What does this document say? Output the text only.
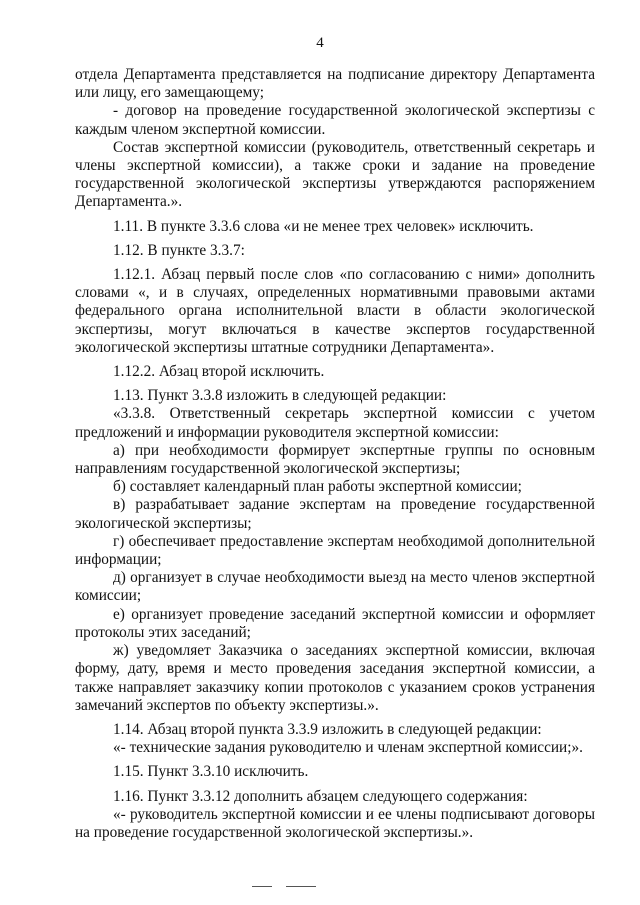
4

отдела Департамента представляется на подписание директору Департамента или лицу, его замещающему;

- договор на проведение государственной экологической экспертизы с каждым членом экспертной комиссии.

Состав экспертной комиссии (руководитель, ответственный секретарь и члены экспертной комиссии), а также сроки и задание на проведение государственной экологической экспертизы утверждаются распоряжением Департамента.».

1.11. В пункте 3.3.6 слова «и не менее трех человек» исключить.

1.12. В пункте 3.3.7:

1.12.1. Абзац первый после слов «по согласованию с ними» дополнить словами «, и в случаях, определенных нормативными правовыми актами федерального органа исполнительной власти в области экологической экспертизы, могут включаться в качестве экспертов государственной экологической экспертизы штатные сотрудники Департамента».

1.12.2. Абзац второй исключить.

1.13. Пункт 3.3.8 изложить в следующей редакции:

«3.3.8. Ответственный секретарь экспертной комиссии с учетом предложений и информации руководителя экспертной комиссии:

а) при необходимости формирует экспертные группы по основным направлениям государственной экологической экспертизы;

б) составляет календарный план работы экспертной комиссии;

в) разрабатывает задание экспертам на проведение государственной экологической экспертизы;

г) обеспечивает предоставление экспертам необходимой дополнительной информации;

д) организует в случае необходимости выезд на место членов экспертной комиссии;

е) организует проведение заседаний экспертной комиссии и оформляет протоколы этих заседаний;

ж) уведомляет Заказчика о заседаниях экспертной комиссии, включая форму, дату, время и место проведения заседания экспертной комиссии, а также направляет заказчику копии протоколов с указанием сроков устранения замечаний экспертов по объекту экспертизы.».

1.14. Абзац второй пункта 3.3.9 изложить в следующей редакции:

«- технические задания руководителю и членам экспертной комиссии;».

1.15. Пункт 3.3.10 исключить.

1.16. Пункт 3.3.12 дополнить абзацем следующего содержания:

«- руководитель экспертной комиссии и ее члены подписывают договоры на проведение государственной экологической экспертизы.».
